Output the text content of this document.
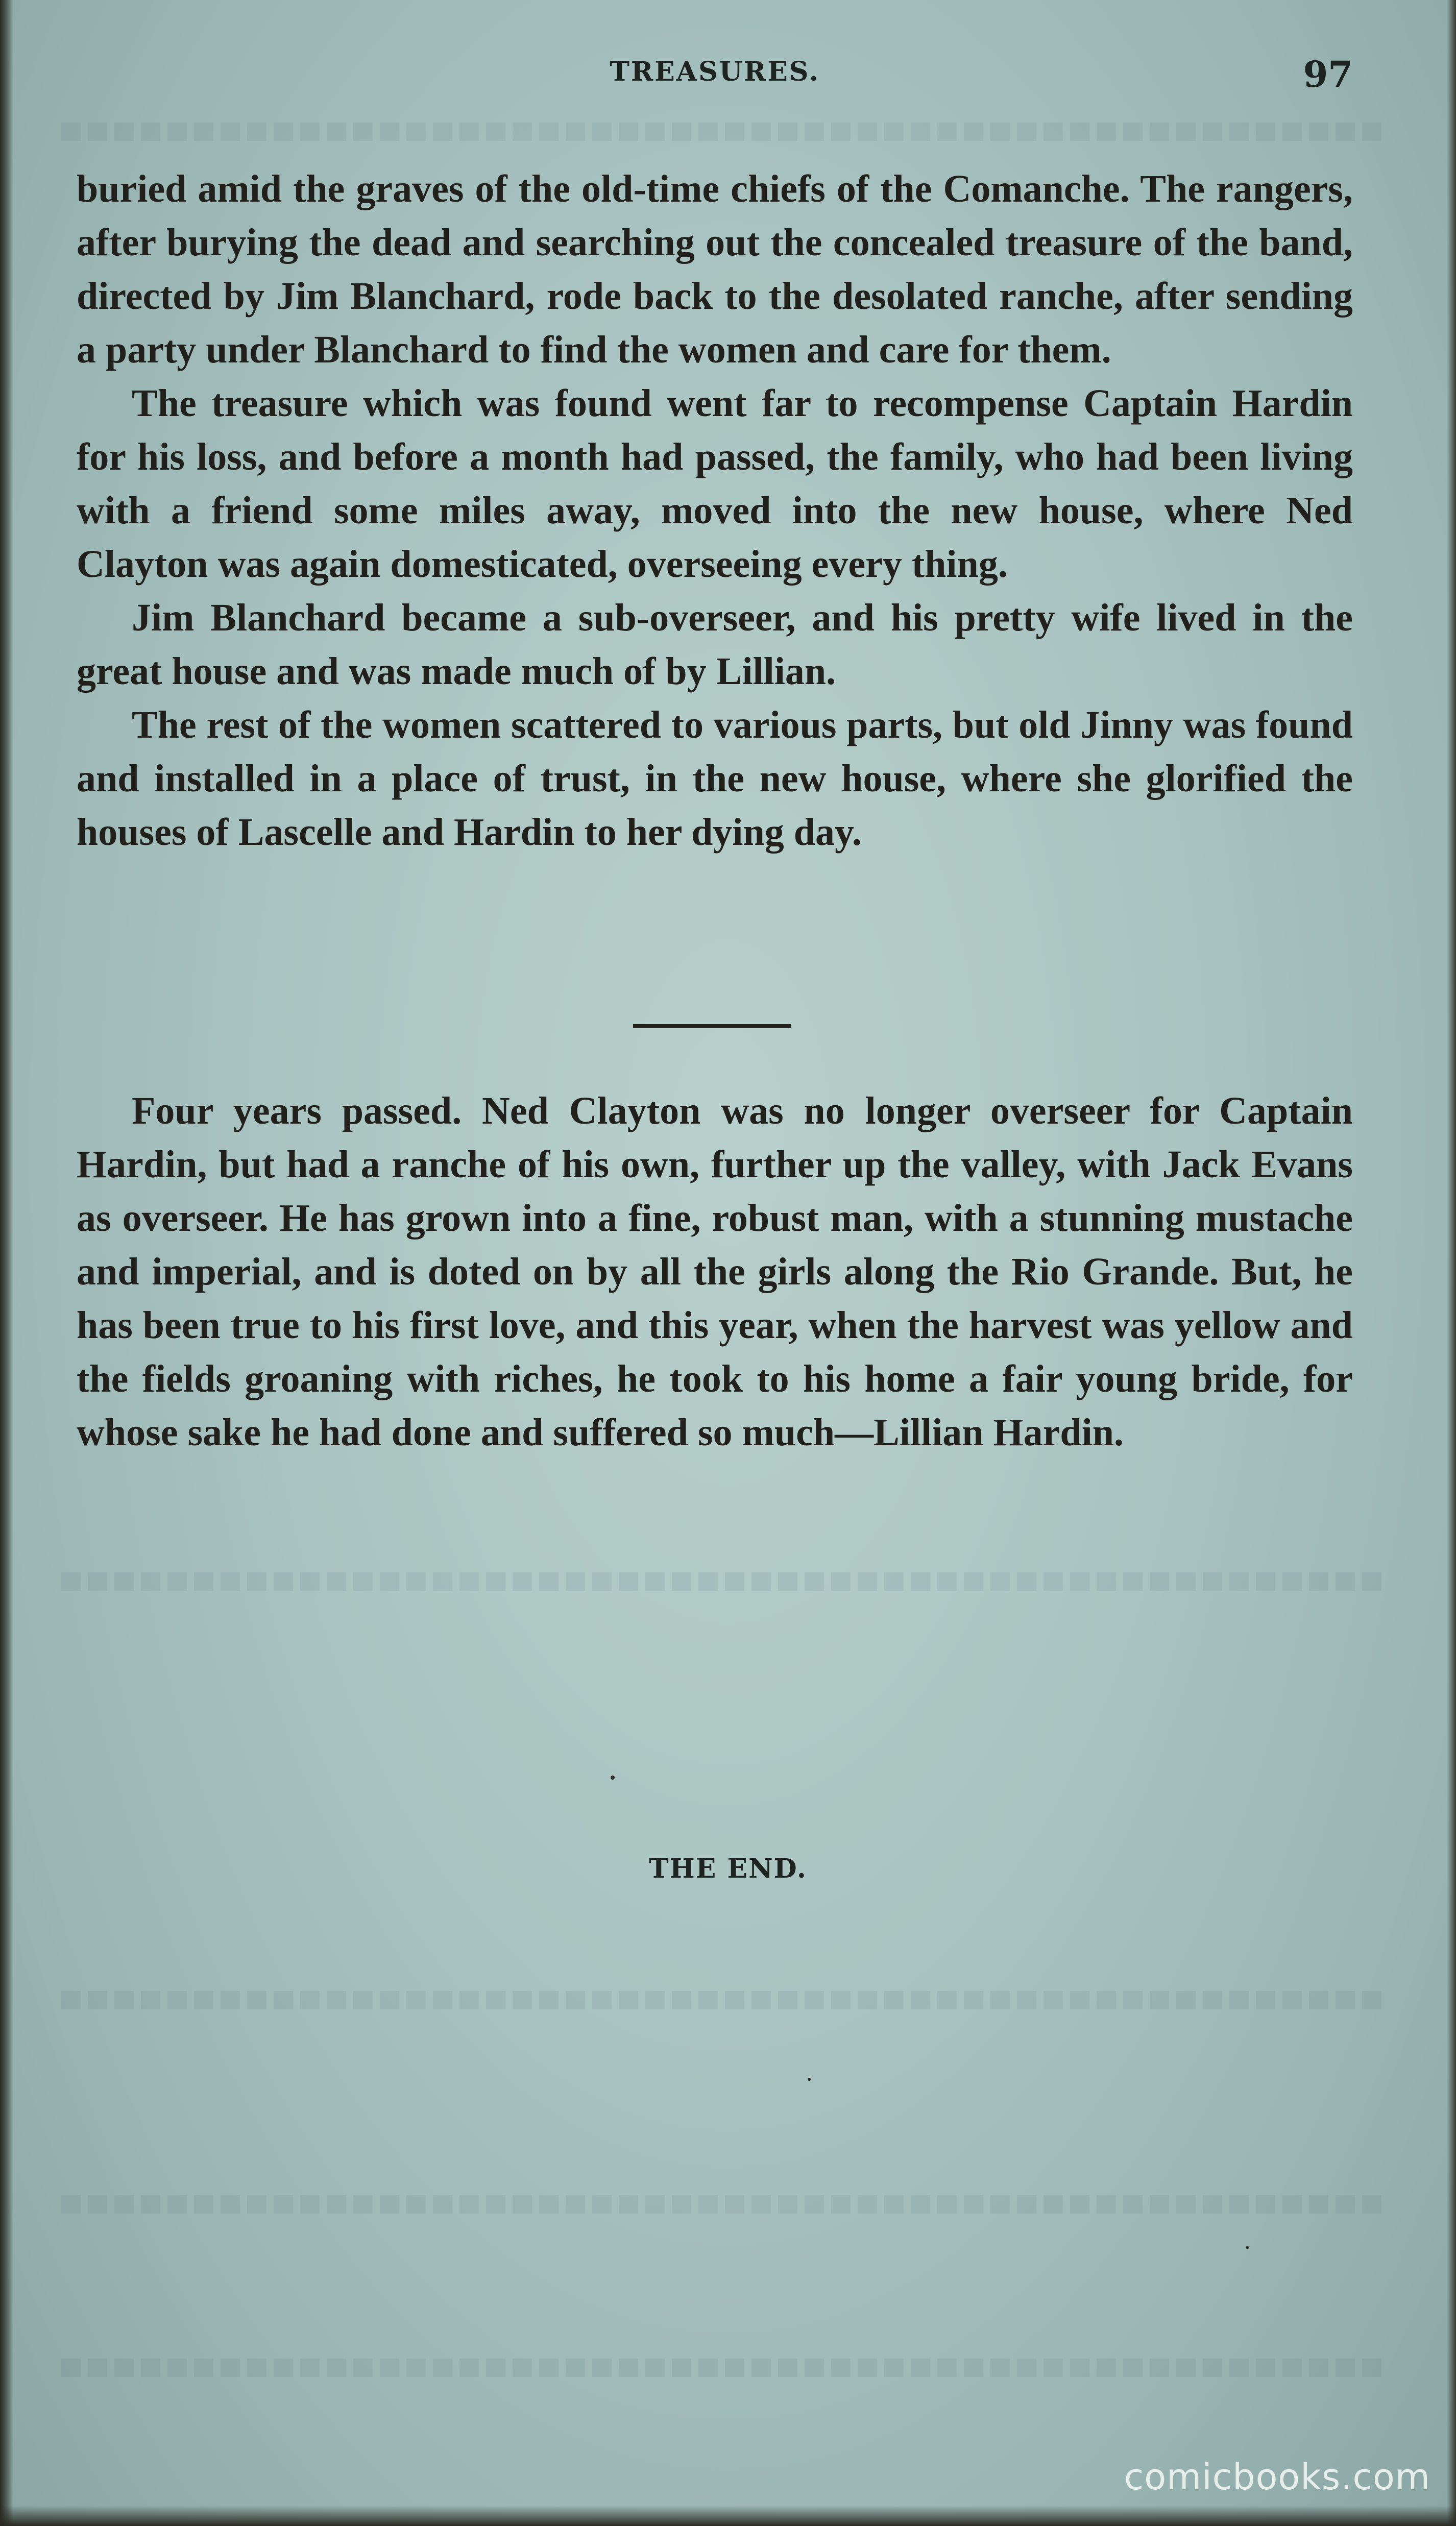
TREASURES.	97

buried amid the graves of the old-time chiefs of the Comanche. The rangers, after burying the dead and searching out the concealed treasure of the band, directed by Jim Blanchard, rode back to the desolated ranche, after sending a party under Blanchard to find the women and care for them.

The treasure which was found went far to recompense Captain Hardin for his loss, and before a month had passed, the family, who had been living with a friend some miles away, moved into the new house, where Ned Clayton was again domesticated, overseeing every thing.

Jim Blanchard became a sub-overseer, and his pretty wife lived in the great house and was made much of by Lillian.

The rest of the women scattered to various parts, but old Jinny was found and installed in a place of trust, in the new house, where she glorified the houses of Lascelle and Hardin to her dying day.

Four years passed. Ned Clayton was no longer overseer for Captain Hardin, but had a ranche of his own, further up the valley, with Jack Evans as overseer. He has grown into a fine, robust man, with a stunning mustache and imperial, and is doted on by all the girls along the Rio Grande. But, he has been true to his first love, and this year, when the harvest was yellow and the fields groaning with riches, he took to his home a fair young bride, for whose sake he had done and suffered so much—Lillian Hardin.

THE END.
comicbooks.com
